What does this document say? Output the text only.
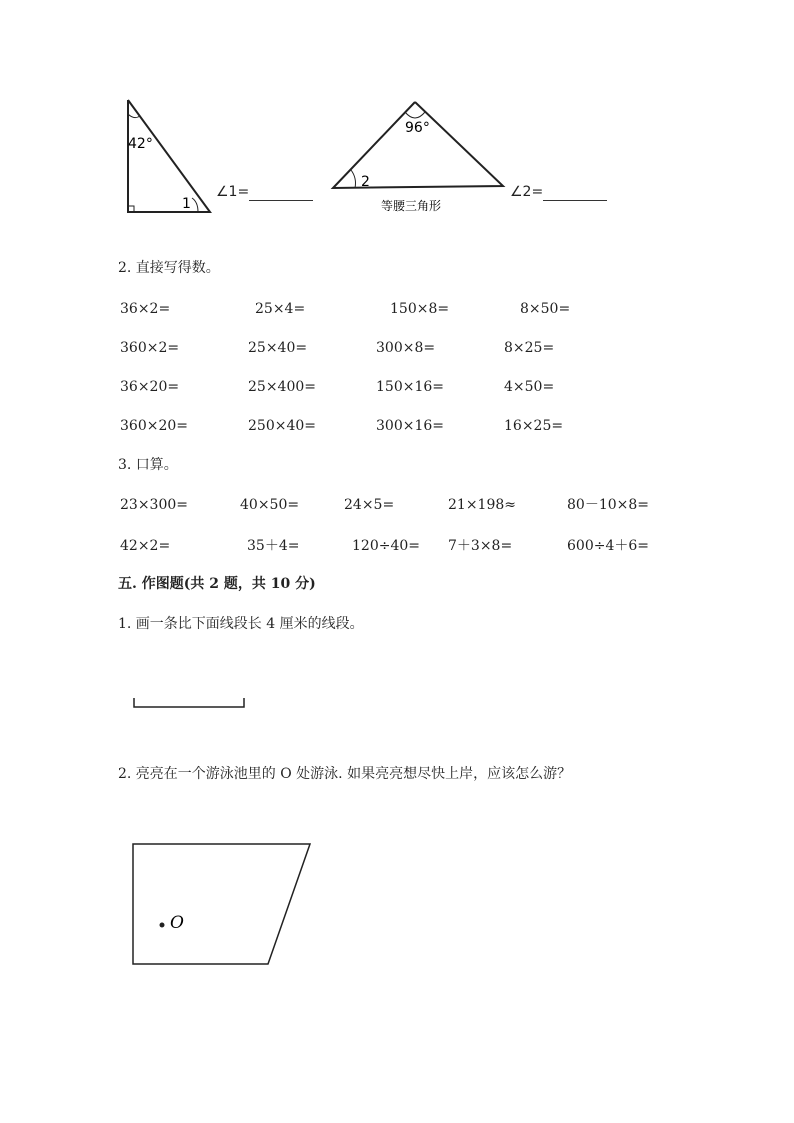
42°
1
∠1=
96°
2
等腰三角形
∠2=
2. 直接写得数。
36×2=	25×4=	150×8=	8×50=
360×2=	25×40=	300×8=	8×25=
36×20=	25×400=	150×16=	4×50=
360×20=	250×40=	300×16=	16×25=
3. 口算。
23×300=	40×50=	24×5=	21×198≈	80－10×8=
42×2=	35＋4=	120÷40= 7＋3×8=	600÷4＋6=
五. 作图题(共 2 题，共 10 分)
1. 画一条比下面线段长 4 厘米的线段。
2. 亮亮在一个游泳池里的 O 处游泳. 如果亮亮想尽快上岸，应该怎么游？
O
